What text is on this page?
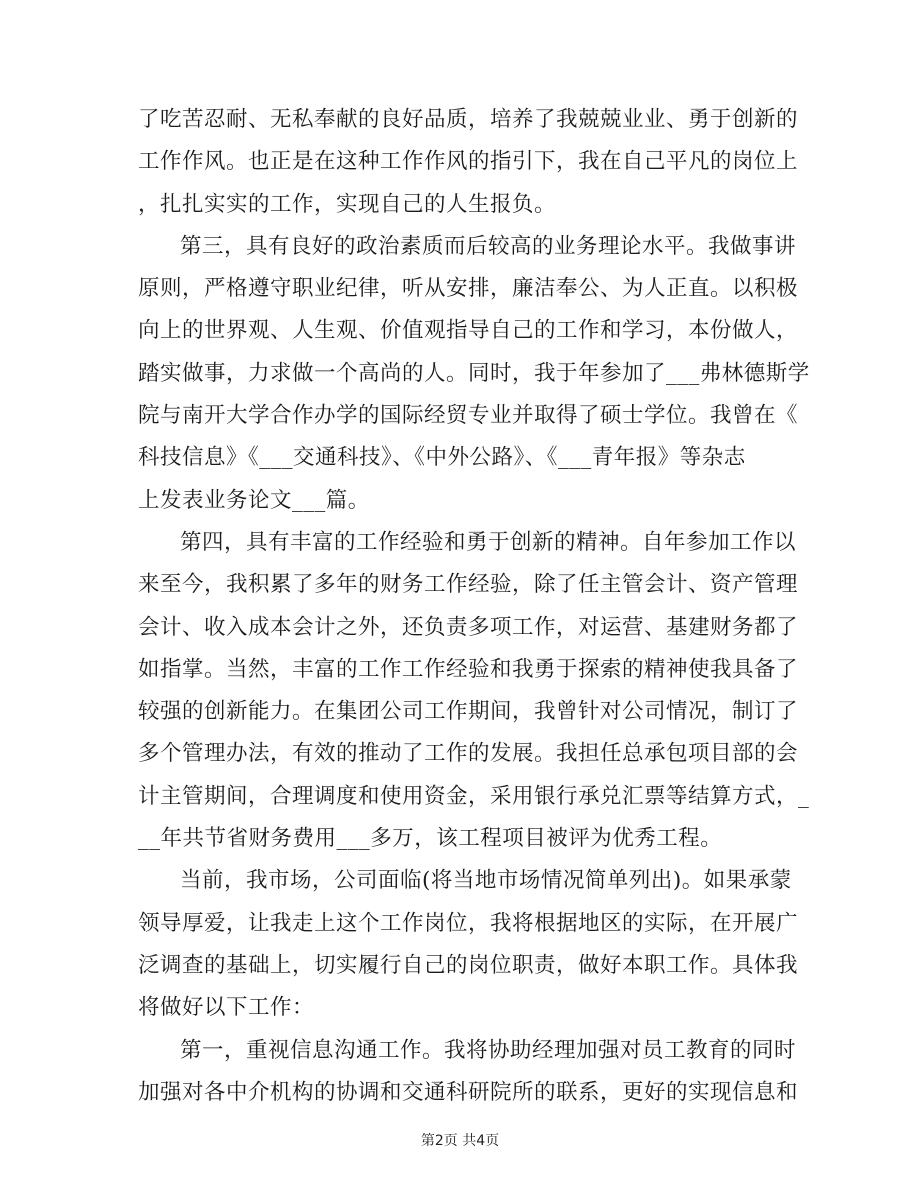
了吃苦忍耐、无私奉献的良好品质，培养了我兢兢业业、勇于创新的
工作作风。也正是在这种工作作风的指引下，我在自己平凡的岗位上
，扎扎实实的工作，实现自己的人生报负。
第三，具有良好的政治素质而后较高的业务理论水平。我做事讲
原则，严格遵守职业纪律，听从安排，廉洁奉公、为人正直。以积极
向上的世界观、人生观、价值观指导自己的工作和学习，本份做人，
踏实做事，力求做一个高尚的人。同时，我于年参加了___弗林德斯学
院与南开大学合作办学的国际经贸专业并取得了硕士学位。我曾在《
科技信息》《___交通科技》、《中外公路》、《___青年报》等杂志
上发表业务论文___篇。
第四，具有丰富的工作经验和勇于创新的精神。自年参加工作以
来至今，我积累了多年的财务工作经验，除了任主管会计、资产管理
会计、收入成本会计之外，还负责多项工作，对运营、基建财务都了
如指掌。当然，丰富的工作工作经验和我勇于探索的精神使我具备了
较强的创新能力。在集团公司工作期间，我曾针对公司情况，制订了
多个管理办法，有效的推动了工作的发展。我担任总承包项目部的会
计主管期间，合理调度和使用资金，采用银行承兑汇票等结算方式，_
__年共节省财务费用___多万，该工程项目被评为优秀工程。
当前，我市场，公司面临(将当地市场情况简单列出)。如果承蒙
领导厚爱，让我走上这个工作岗位，我将根据地区的实际，在开展广
泛调查的基础上，切实履行自己的岗位职责，做好本职工作。具体我
将做好以下工作：
第一，重视信息沟通工作。我将协助经理加强对员工教育的同时
加强对各中介机构的协调和交通科研院所的联系，更好的实现信息和
第2页 共4页
